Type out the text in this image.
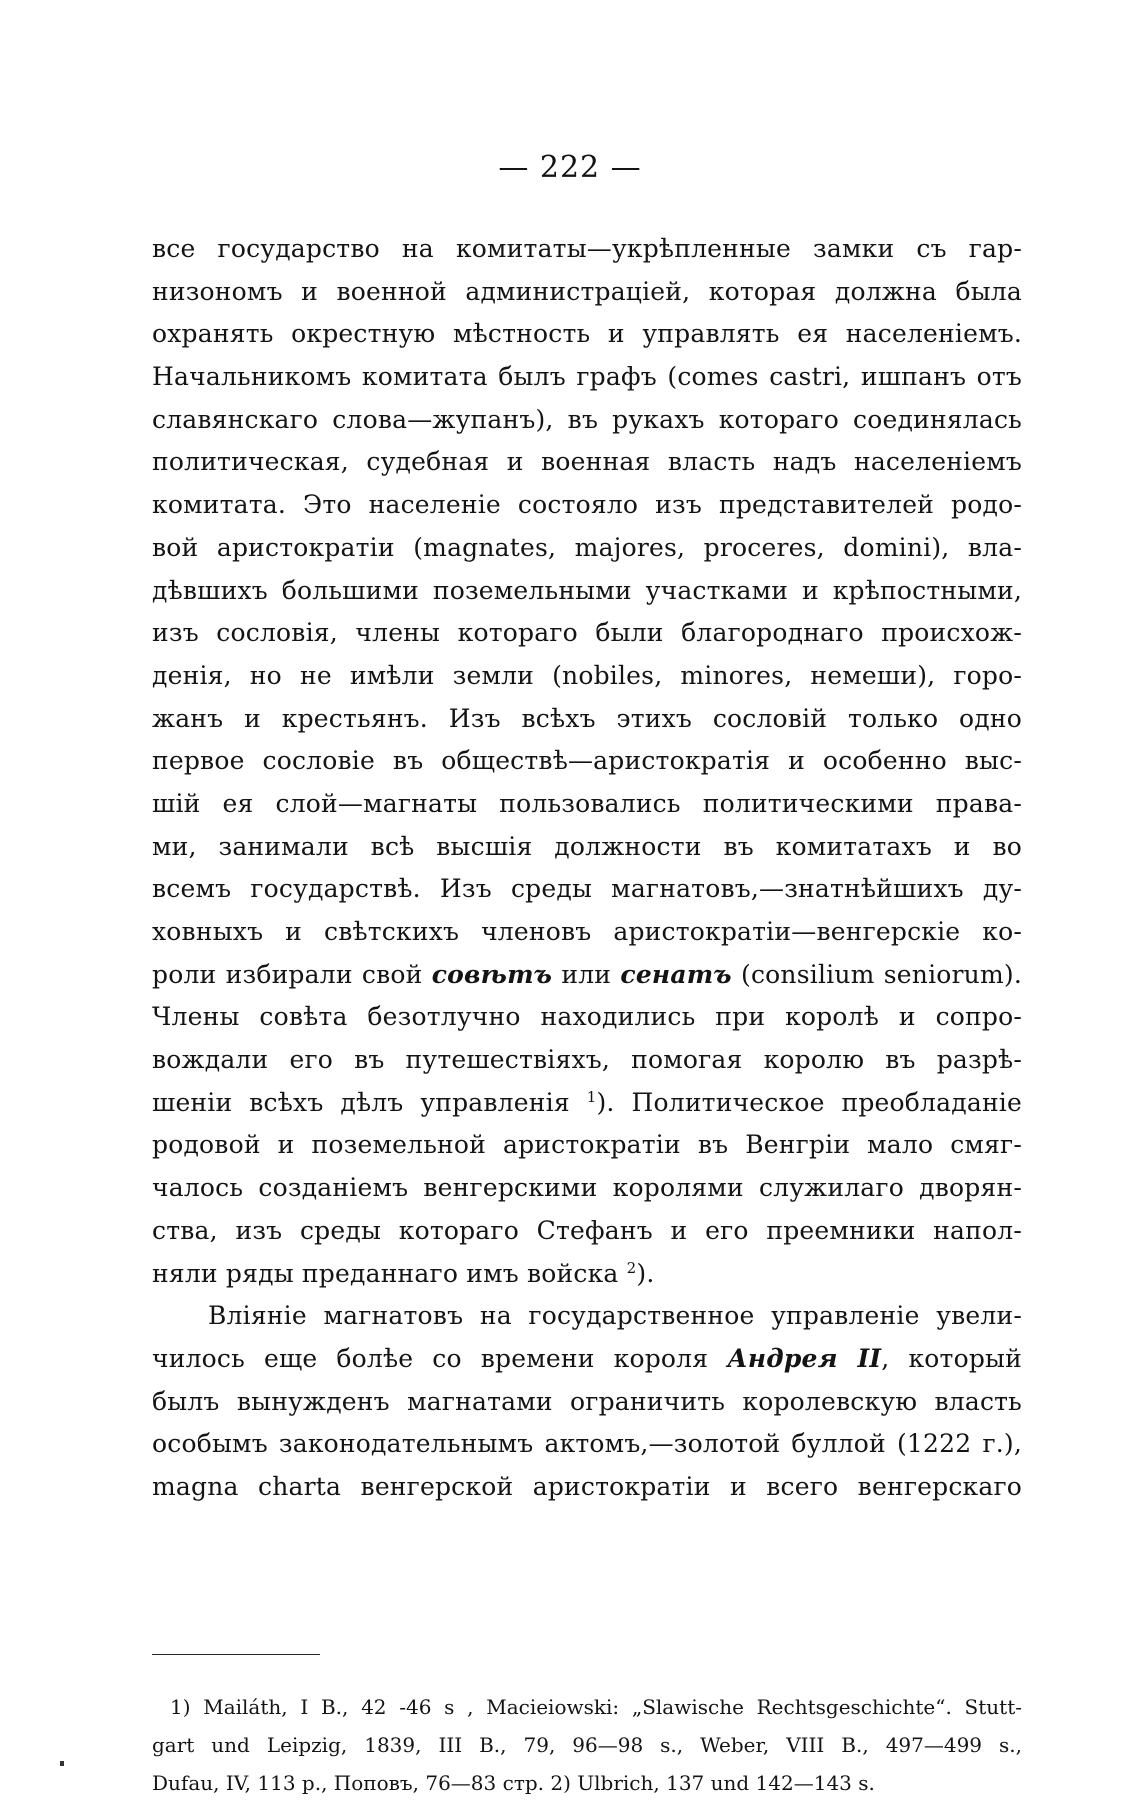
— 222 —
все государство на комитаты—укрѣпленные замки съ гар-
низономъ и военной администраціей, которая должна была
охранять окрестную мѣстность и управлять ея населеніемъ.
Начальникомъ комитата былъ графъ (comes castri, ишпанъ отъ
славянскаго слова—жупанъ), въ рукахъ котораго соединялась
политическая, судебная и военная власть надъ населеніемъ
комитата. Это населеніе состояло изъ представителей родо-
вой аристократіи (magnates, majores, proceres, domini), вла-
дѣвшихъ большими поземельными участками и крѣпостными,
изъ сословія, члены котораго были благороднаго происхож-
денія, но не имѣли земли (nobiles, minores, немеши), горо-
жанъ и крестьянъ. Изъ всѣхъ этихъ сословій только одно
первое сословіе въ обществѣ—аристократія и особенно выс-
шій ея слой—магнаты пользовались политическими права-
ми, занимали всѣ высшія должности въ комитатахъ и во
всемъ государствѣ. Изъ среды магнатовъ,—знатнѣйшихъ ду-
ховныхъ и свѣтскихъ членовъ аристократіи—венгерскіе ко-
роли избирали свой совѣтъ или сенатъ (consilium seniorum).
Члены совѣта безотлучно находились при королѣ и сопро-
вождали его въ путешествіяхъ, помогая королю въ разрѣ-
шеніи всѣхъ дѣлъ управленія $^1$). Политическое преобладаніе
родовой и поземельной аристократіи въ Венгріи мало смяг-
чалось созданіемъ венгерскими королями служилаго дворян-
ства, изъ среды котораго Стефанъ и его преемники напол-
няли ряды преданнаго имъ войска $^2$).
Вліяніе магнатовъ на государственное управленіе увели-
чилось еще болѣе со времени короля Андрея II, который
былъ вынужденъ магнатами ограничить королевскую власть
особымъ законодательнымъ актомъ,—золотой буллой (1222 г.),
magna charta венгерской аристократіи и всего венгерскаго
1) Mailáth, I B., 42 -46 s , Macieiowski: „Slawische Rechtsgeschichte“. Stutt-
gart und Leipzig, 1839, III B., 79, 96—98 s., Weber, VIII B., 497—499 s.,
Dufau, IV, 113 p., Поповъ, 76—83 стр. 2) Ulbrich, 137 und 142—143 s.
